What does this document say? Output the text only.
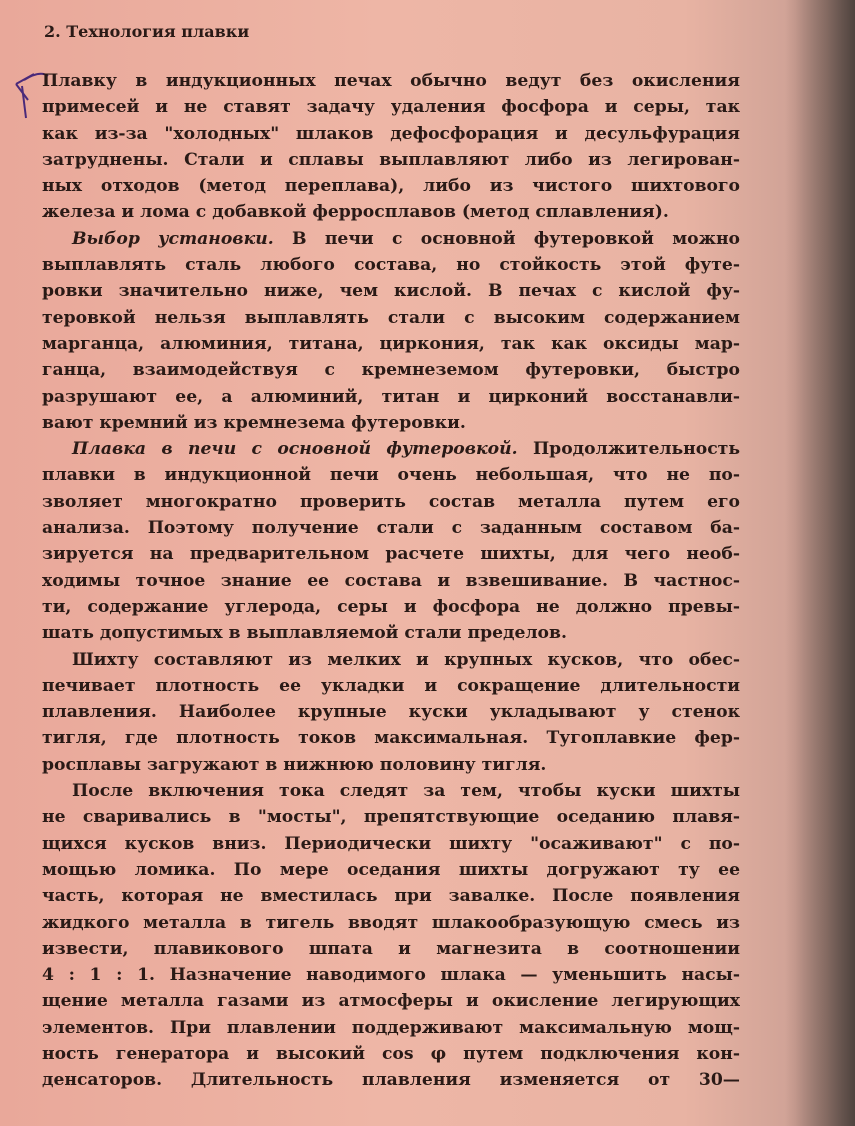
2. Технология плавки
Плавку в индукционных печах обычно ведут без окисления
примесей и не ставят задачу удаления фосфора и серы, так
как из-за "холодных" шлаков дефосфорация и десульфурация
затруднены. Стали и сплавы выплавляют либо из легирован-
ных отходов (метод переплава), либо из чистого шихтового
железа и лома с добавкой ферросплавов (метод сплавления).
Выбор установки. В печи с основной футеровкой можно
выплавлять сталь любого состава, но стойкость этой футе-
ровки значительно ниже, чем кислой. В печах с кислой фу-
теровкой нельзя выплавлять стали с высоким содержанием
марганца, алюминия, титана, циркония, так как оксиды мар-
ганца, взаимодействуя с кремнеземом футеровки, быстро
разрушают ее, а алюминий, титан и цирконий восстанавли-
вают кремний из кремнезема футеровки.
Плавка в печи с основной футеровкой. Продолжительность
плавки в индукционной печи очень небольшая, что не по-
зволяет многократно проверить состав металла путем его
анализа. Поэтому получение стали с заданным составом ба-
зируется на предварительном расчете шихты, для чего необ-
ходимы точное знание ее состава и взвешивание. В частнос-
ти, содержание углерода, серы и фосфора не должно превы-
шать допустимых в выплавляемой стали пределов.
Шихту составляют из мелких и крупных кусков, что обес-
печивает плотность ее укладки и сокращение длительности
плавления. Наиболее крупные куски укладывают у стенок
тигля, где плотность токов максимальная. Тугоплавкие фер-
росплавы загружают в нижнюю половину тигля.
После включения тока следят за тем, чтобы куски шихты
не сваривались в "мосты", препятствующие оседанию плавя-
щихся кусков вниз. Периодически шихту "осаживают" с по-
мощью ломика. По мере оседания шихты догружают ту ее
часть, которая не вместилась при завалке. После появления
жидкого металла в тигель вводят шлакообразующую смесь из
извести, плавикового шпата и магнезита в соотношении
4 : 1 : 1. Назначение наводимого шлака — уменьшить насы-
щение металла газами из атмосферы и окисление легирующих
элементов. При плавлении поддерживают максимальную мощ-
ность генератора и высокий cos φ путем подключения кон-
денсаторов. Длительность плавления изменяется от 30—
